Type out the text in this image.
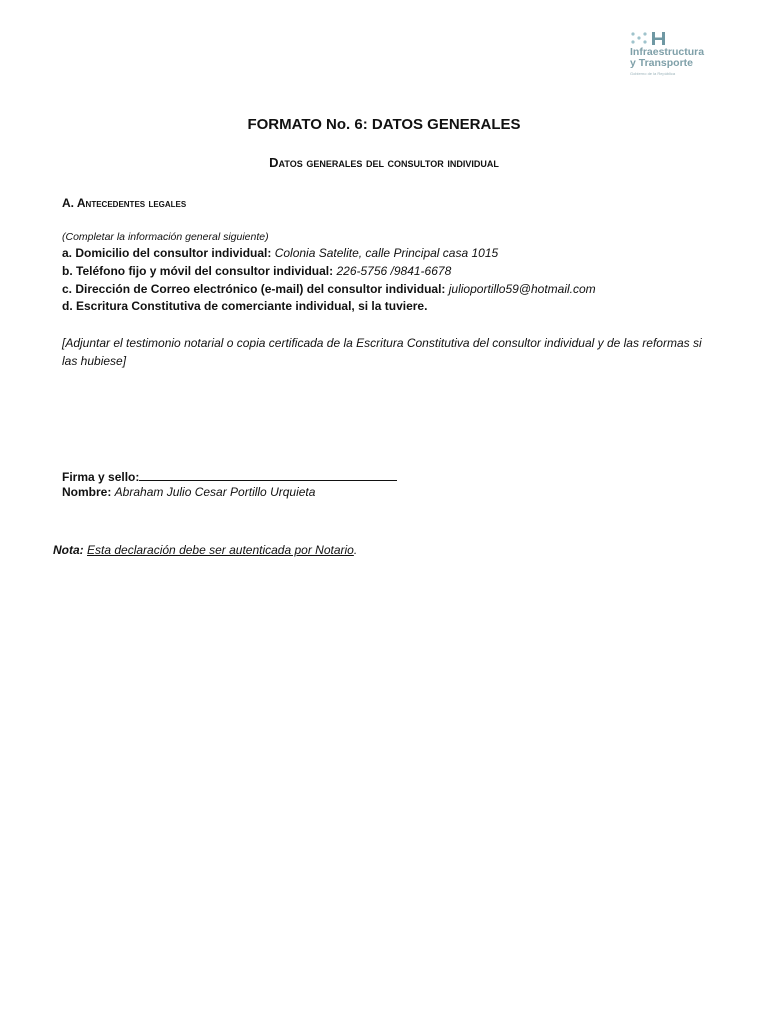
Infraestructura
y Transporte
Gobierno de la República
FORMATO No. 6: DATOS GENERALES
Datos generales del consultor individual
A. Antecedentes legales
(Completar la información general siguiente)
a. Domicilio del consultor individual: Colonia Satelite, calle Principal casa 1015
b. Teléfono fijo y móvil del consultor individual: 226-5756 /9841-6678
c. Dirección de Correo electrónico (e-mail) del consultor individual: julioportillo59@hotmail.com
d. Escritura Constitutiva de comerciante individual, si la tuviere.
[Adjuntar el testimonio notarial o copia certificada de la Escritura Constitutiva del consultor individual y de las reformas si las hubiese]
Firma y sello:
Nombre: Abraham Julio Cesar Portillo Urquieta
Nota: Esta declaración debe ser autenticada por Notario.
